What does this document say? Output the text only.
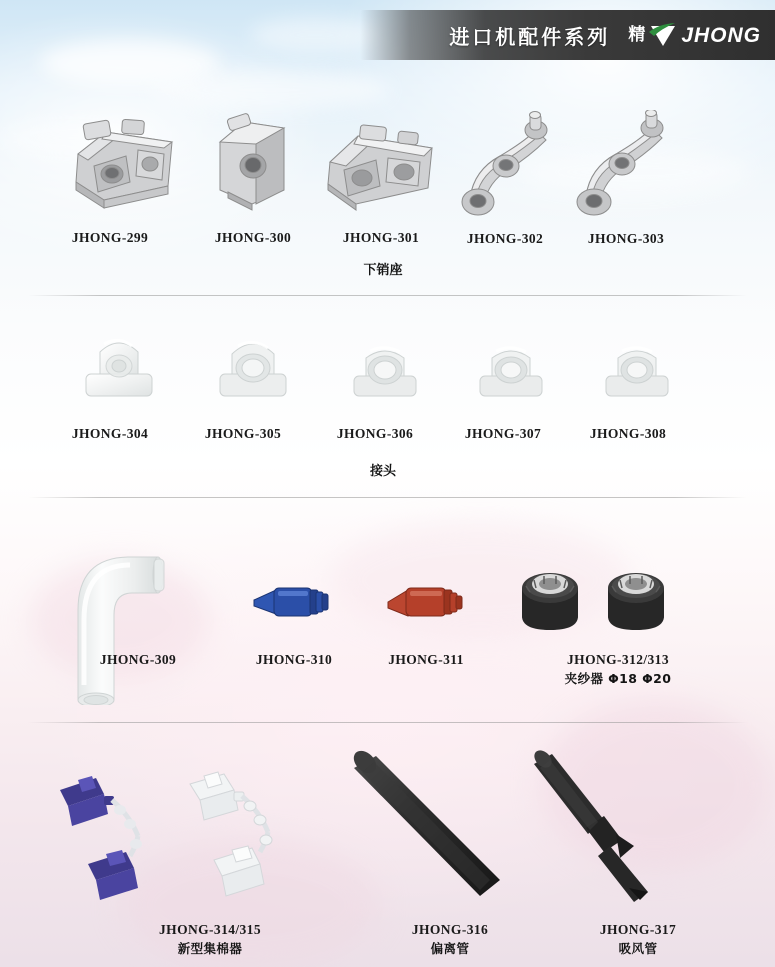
进口机配件系列 精 JHONG
JHONG-299	JHONG-300	JHONG-301	JHONG-302	JHONG-303
下销座
JHONG-304	JHONG-305	JHONG-306	JHONG-307	JHONG-308
接头
JHONG-309	JHONG-310	JHONG-311	JHONG-312/313
夹纱器 Φ18 Φ20
JHONG-314/315
新型集棉器
JHONG-316
偏离管
JHONG-317
吸风管
